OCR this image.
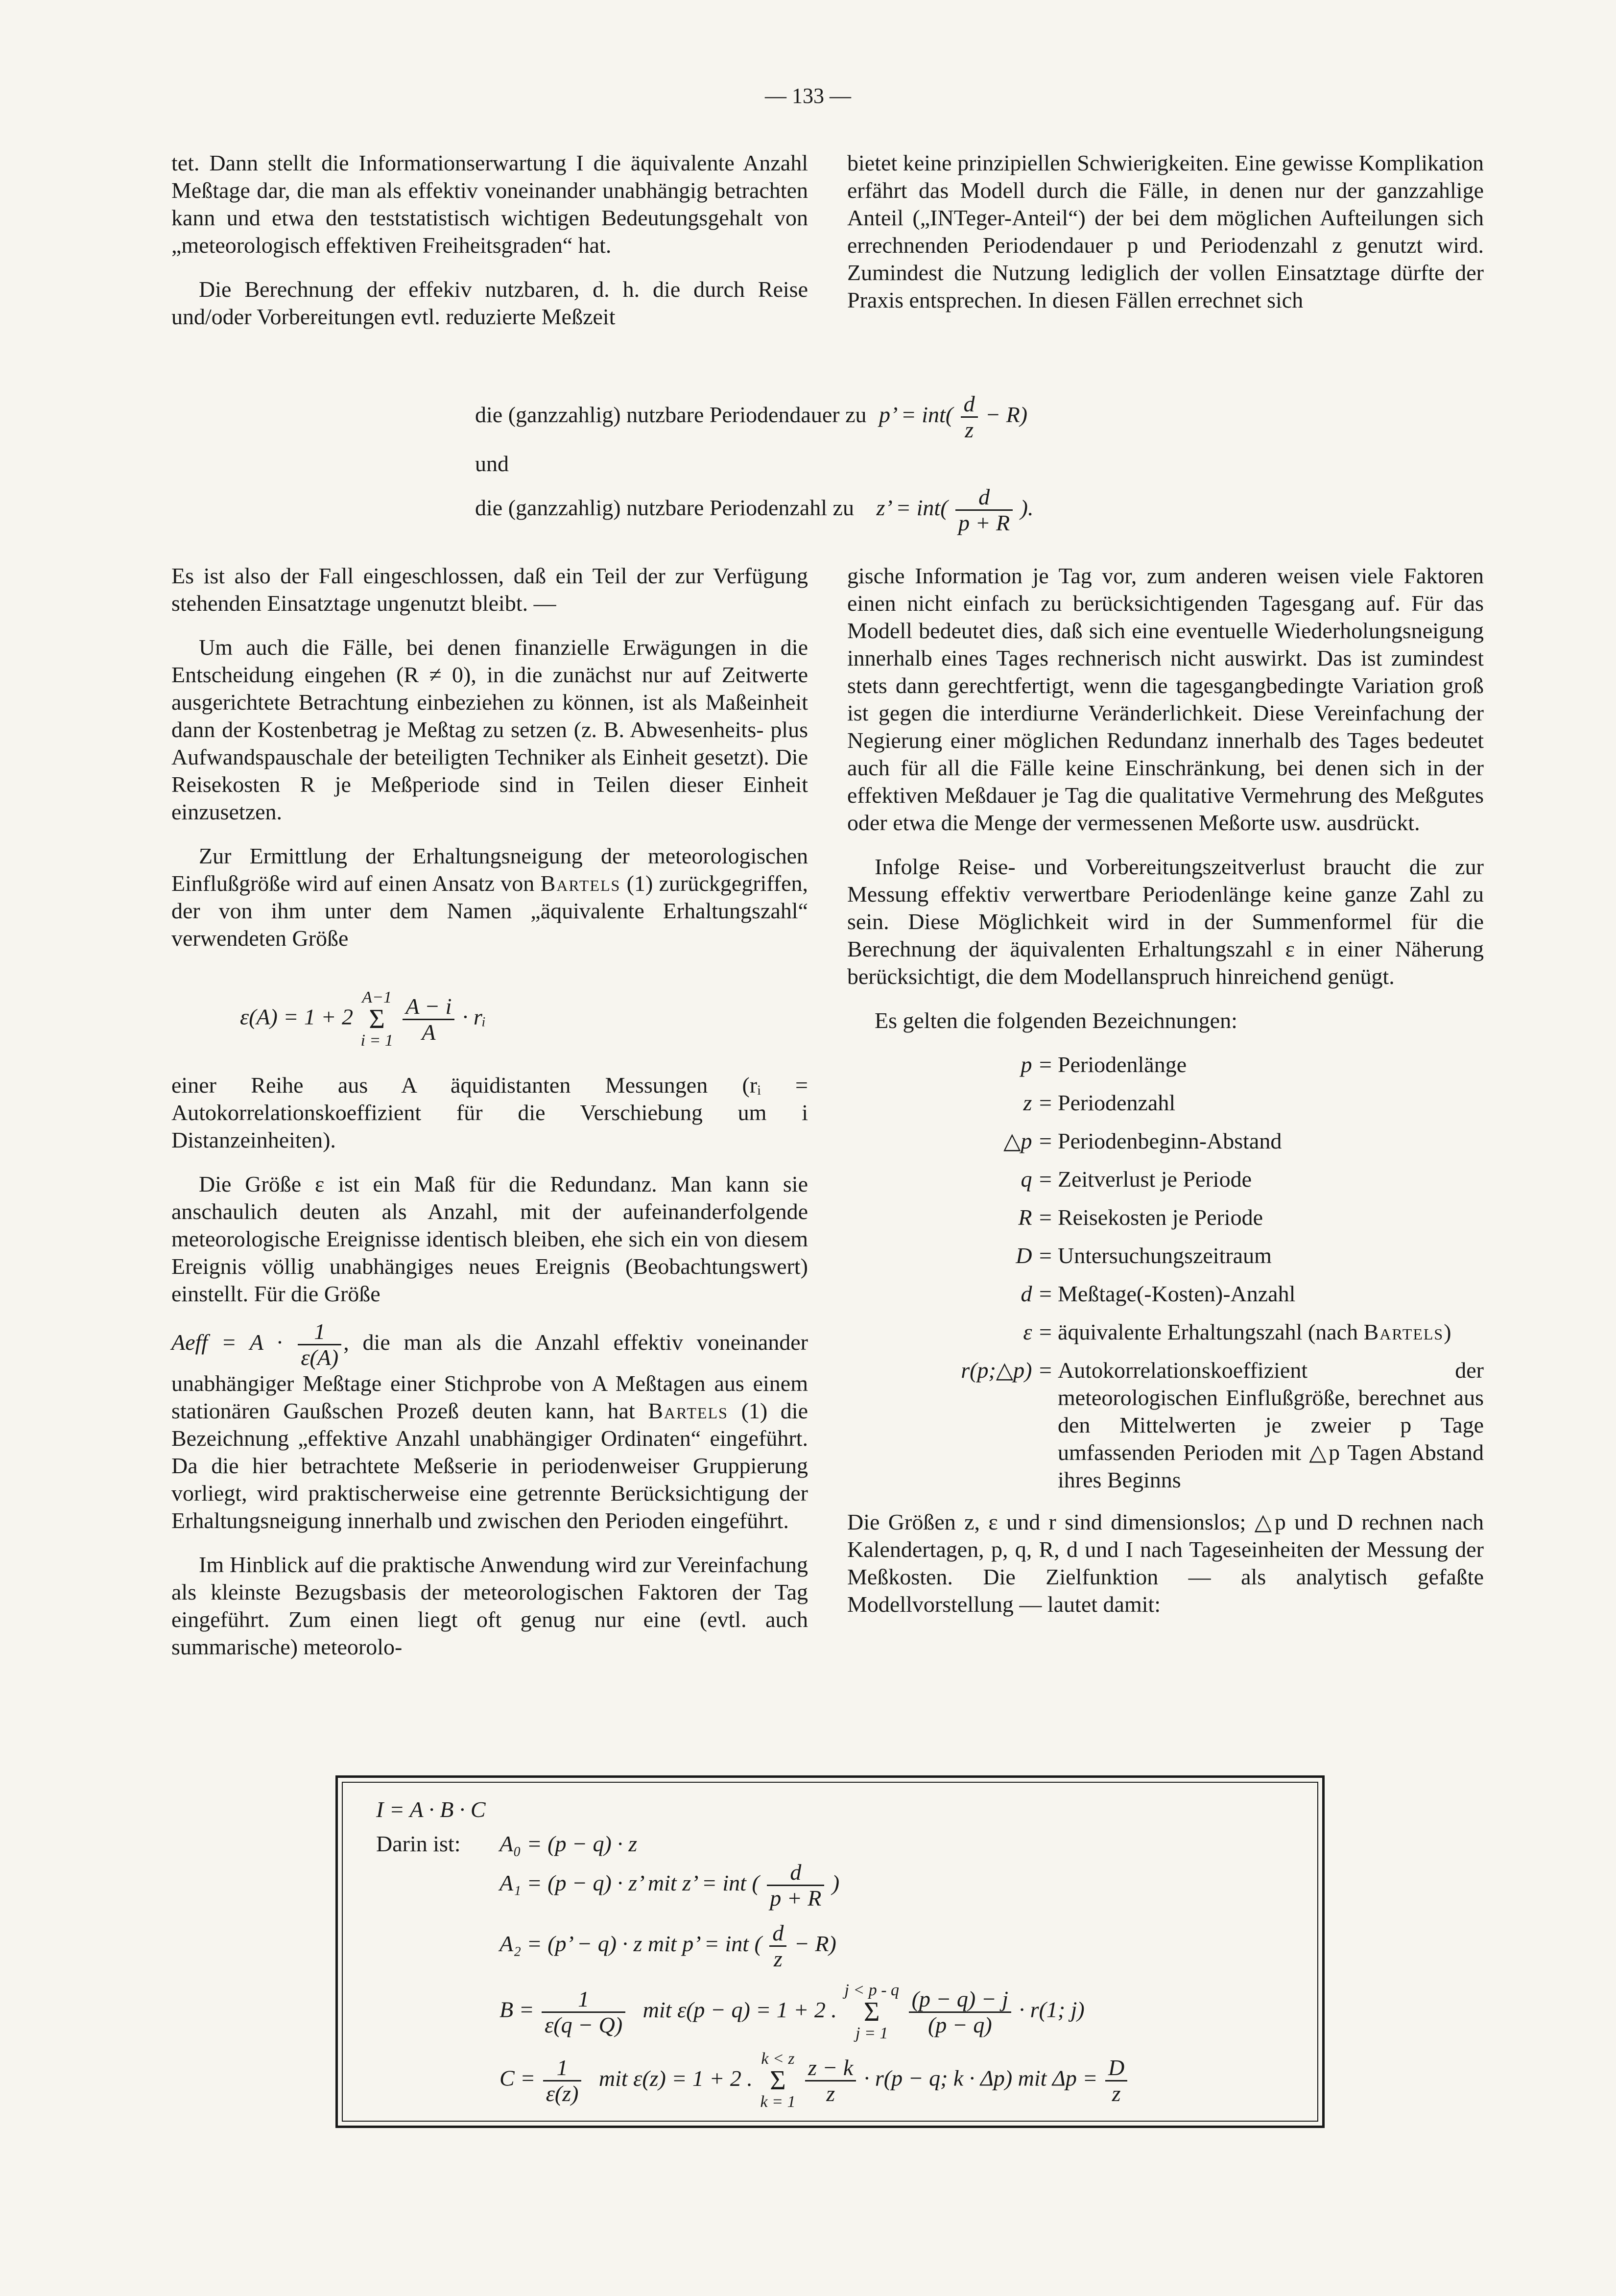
— 133 —

tet. Dann stellt die Informationserwartung I die äquivalente Anzahl Meßtage dar, die man als effektiv voneinander unabhängig betrachten kann und etwa den teststatistisch wichtigen Bedeutungsgehalt von „meteorologisch effektiven Freiheitsgraden“ hat.

Die Berechnung der effekiv nutzbaren, d. h. die durch Reise und/oder Vorbereitungen evtl. reduzierte Meßzeit

bietet keine prinzipiellen Schwierigkeiten. Eine gewisse Komplikation erfährt das Modell durch die Fälle, in denen nur der ganzzahlige Anteil („INTeger-Anteil“) der bei dem möglichen Aufteilungen sich errechnenden Periodendauer p und Periodenzahl z genutzt wird. Zumindest die Nutzung lediglich der vollen Einsatztage dürfte der Praxis entsprechen. In diesen Fällen errechnet sich

die (ganzzahlig) nutzbare Periodendauer zu p’ = $int( \frac{d}{z} - R)$
und
die (ganzzahlig) nutzbare Periodenzahl zu z’ = $int( \frac{d}{p + R}$ ).

Es ist also der Fall eingeschlossen, daß ein Teil der zur Verfügung stehenden Einsatztage ungenutzt bleibt. —

Um auch die Fälle, bei denen finanzielle Erwägungen in die Entscheidung eingehen (R ≠ 0), in die zunächst nur auf Zeitwerte ausgerichtete Betrachtung einbeziehen zu können, ist als Maßeinheit dann der Kostenbetrag je Meßtag zu setzen (z. B. Abwesenheits- plus Aufwandspauschale der beteiligten Techniker als Einheit gesetzt). Die Reisekosten R je Meßperiode sind in Teilen dieser Einheit einzusetzen.

Zur Ermittlung der Erhaltungsneigung der meteorologischen Einflußgröße wird auf einen Ansatz von Bartels (1) zurückgegriffen, der von ihm unter dem Namen „äquivalente Erhaltungszahl“ verwendeten Größe

ε(A) = 1 + 2 A−1
Σ
$i = 1 \frac{A - i}{A}$ · rᵢ

einer Reihe aus A äquidistanten Messungen (rᵢ = Autokorrelationskoeffizient für die Verschiebung um i Distanzeinheiten).

Die Größe ε ist ein Maß für die Redundanz. Man kann sie anschaulich deuten als Anzahl, mit der aufeinanderfolgende meteorologische Ereignisse identisch bleiben, ehe sich ein von diesem Ereignis völlig unabhängiges neues Ereignis (Beobachtungswert) einstellt. Für die Größe

Aeff = $A \cdot \frac{1}{\varepsilon(A)}$ , die man als die Anzahl effektiv voneinander unabhängiger Meßtage einer Stichprobe von A Meßtagen aus einem stationären Gaußschen Prozeß deuten kann, hat Bartels (1) die Bezeichnung „effektive Anzahl unabhängiger Ordinaten“ eingeführt. Da die hier betrachtete Meßserie in periodenweiser Gruppierung vorliegt, wird praktischerweise eine getrennte Berücksichtigung der Erhaltungsneigung innerhalb und zwischen den Perioden eingeführt.

Im Hinblick auf die praktische Anwendung wird zur Vereinfachung als kleinste Bezugsbasis der meteorologischen Faktoren der Tag eingeführt. Zum einen liegt oft genug nur eine (evtl. auch summarische) meteorolo-

gische Information je Tag vor, zum anderen weisen viele Faktoren einen nicht einfach zu berücksichtigenden Tagesgang auf. Für das Modell bedeutet dies, daß sich eine eventuelle Wiederholungsneigung innerhalb eines Tages rechnerisch nicht auswirkt. Das ist zumindest stets dann gerechtfertigt, wenn die tagesgangbedingte Variation groß ist gegen die interdiurne Veränderlichkeit. Diese Vereinfachung der Negierung einer möglichen Redundanz innerhalb des Tages bedeutet auch für all die Fälle keine Einschränkung, bei denen sich in der effektiven Meßdauer je Tag die qualitative Vermehrung des Meßgutes oder etwa die Menge der vermessenen Meßorte usw. ausdrückt.

Infolge Reise- und Vorbereitungszeitverlust braucht die zur Messung effektiv verwertbare Periodenlänge keine ganze Zahl zu sein. Diese Möglichkeit wird in der Summenformel für die Berechnung der äquivalenten Erhaltungszahl ε in einer Näherung berücksichtigt, die dem Modellanspruch hinreichend genügt.

Es gelten die folgenden Bezeichnungen:

p = Periodenlänge
z = Periodenzahl
△p = Periodenbeginn-Abstand
q = Zeitverlust je Periode
R = Reisekosten je Periode
D = Untersuchungszeitraum
d = Meßtage(-Kosten)-Anzahl
ε = äquivalente Erhaltungszahl (nach Bartels)
r(p;△p) = Autokorrelationskoeffizient der meteorologischen Einflußgröße, berechnet aus den Mittelwerten je zweier p Tage umfassenden Perioden mit △p Tagen Abstand ihres Beginns

Die Größen z, ε und r sind dimensionslos; △p und D rechnen nach Kalendertagen, p, q, R, d und I nach Tageseinheiten der Messung der Meßkosten. Die Zielfunktion — als analytisch gefaßte Modellvorstellung — lautet damit:

I = A · B · C
Darin ist: A₀ = (p − q) · z
A₁ = (p − q) · z’ mit z’ = int ( $\frac{d}{p + R}$ )
A₂ = (p’ − q) · z mit p’ = int ( $\frac{d}{z} - R$)
$B = \frac{1}{\varepsilon(q - Q)}$ mit ε(p − q) = 1 + 2 . j < p - q
Σ
$j = 1 \frac{(p - q) - j}{(p - q)} \cdot r(1$; j)
$C = \frac{1}{\varepsilon(z)}$ mit ε(z) = 1 + 2 . k < z
Σ
$k = 1 \frac{z - k}{z} \cdot r(p - q$; k · Δp) mit $\Delta p = \frac{D}{z}$
